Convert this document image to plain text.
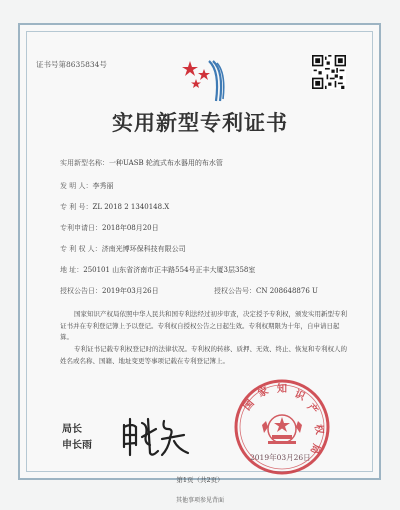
证书号第8635834号
实用新型专利证书
实用新型名称：一种UASB 轮流式布水器用的布水管
发 明 人：李秀丽
专 利 号：ZL 2018 2 1340148.X
专利申请日：2018年08月20日
专 利 权 人：济南光博环保科技有限公司
地 址：250101 山东省济南市正丰路554号正丰大厦3层358室
授权公告日：2019年03月26日	授权公告号：CN 208648876 U
国家知识产权局依照中华人民共和国专利法经过初步审查，决定授予专利权，颁发实用新型专利证书并在专利登记簿上予以登记。专利权自授权公告之日起生效。专利权期限为十年，自申请日起算。
专利证书记载专利权登记时的法律状况。专利权的转移、质押、无效、终止、恢复和专利权人的姓名或名称、国籍、地址变更等事项记载在专利登记簿上。
局长
申长雨
国
家 知 识
产
权
局
2019年03月26日
第1页（共2页）
其他事项参见背面
